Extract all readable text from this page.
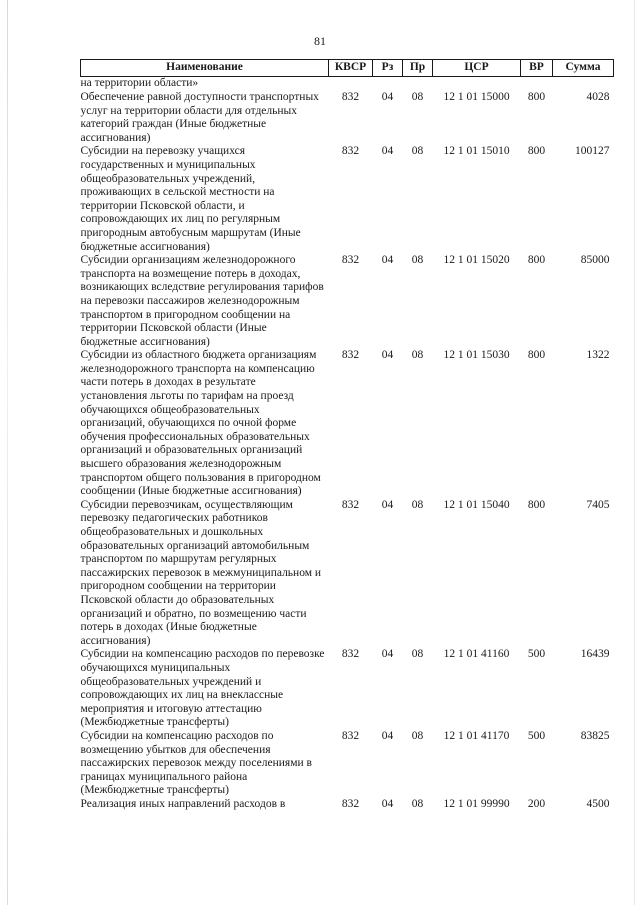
81
Наименование	КВСР	Рз	Пр	ЦСР	ВР	Сумма
на территории области»						
Обеспечение равной доступности транспортных услуг на территории области для отдельных категорий граждан (Иные бюджетные ассигнования)	832	04	08	12 1 01 15000	800	4028
Субсидии на перевозку учащихся государственных и муниципальных общеобразовательных учреждений, проживающих в сельской местности на территории Псковской области, и сопровождающих их лиц по регулярным пригородным автобусным маршрутам (Иные бюджетные ассигнования)	832	04	08	12 1 01 15010	800	100127
Субсидии организациям железнодорожного транспорта на возмещение потерь в доходах, возникающих вследствие регулирования тарифов на перевозки пассажиров железнодорожным транспортом в пригородном сообщении на территории Псковской области (Иные бюджетные ассигнования)	832	04	08	12 1 01 15020	800	85000
Субсидии из областного бюджета организациям железнодорожного транспорта на компенсацию части потерь в доходах в результате установления льготы по тарифам на проезд обучающихся общеобразовательных организаций, обучающихся по очной форме обучения профессиональных образовательных организаций и образовательных организаций высшего образования железнодорожным транспортом общего пользования в пригородном сообщении (Иные бюджетные ассигнования)	832	04	08	12 1 01 15030	800	1322
Субсидии перевозчикам, осуществляющим перевозку педагогических работников общеобразовательных и дошкольных образовательных организаций автомобильным транспортом по маршрутам регулярных пассажирских перевозок в межмуниципальном и пригородном сообщении на территории Псковской области до образовательных организаций и обратно, по возмещению части потерь в доходах (Иные бюджетные ассигнования)	832	04	08	12 1 01 15040	800	7405
Субсидии на компенсацию расходов по перевозке обучающихся муниципальных общеобразовательных учреждений и сопровождающих их лиц на внеклассные мероприятия и итоговую аттестацию (Межбюджетные трансферты)	832	04	08	12 1 01 41160	500	16439
Субсидии на компенсацию расходов по возмещению убытков для обеспечения пассажирских перевозок между поселениями в границах муниципального района (Межбюджетные трансферты)	832	04	08	12 1 01 41170	500	83825
Реализация иных направлений расходов в	832	04	08	12 1 01 99990	200	4500
